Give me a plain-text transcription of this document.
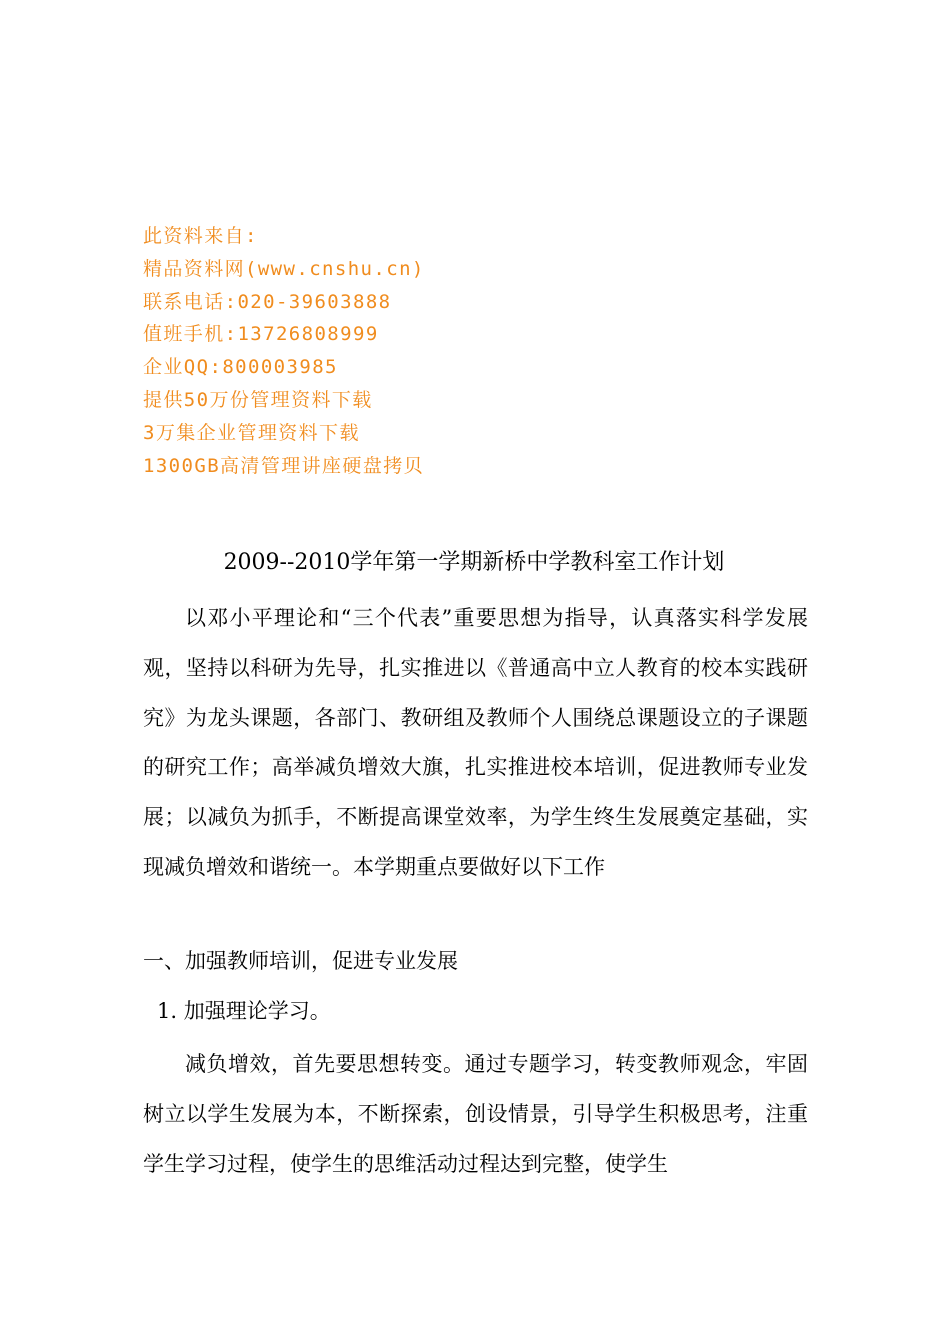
此资料来自:
精品资料网(www.cnshu.cn)
联系电话:020-39603888
值班手机:13726808999
企业QQ:800003985
提供50万份管理资料下载
3万集企业管理资料下载
1300GB高清管理讲座硬盘拷贝
2009--2010学年第一学期新桥中学教科室工作计划

以邓小平理论和“三个代表”重要思想为指导，认真落实科学发展观，坚持以科研为先导，扎实推进以《普通高中立人教育的校本实践研究》为龙头课题，各部门、教研组及教师个人围绕总课题设立的子课题的研究工作；高举减负增效大旗，扎实推进校本培训，促进教师专业发展；以减负为抓手，不断提高课堂效率，为学生终生发展奠定基础，实现减负增效和谐统一。本学期重点要做好以下工作

一、加强教师培训，促进专业发展
1. 加强理论学习。

减负增效，首先要思想转变。通过专题学习，转变教师观念，牢固树立以学生发展为本，不断探索，创设情景，引导学生积极思考，注重学生学习过程，使学生的思维活动过程达到完整，使学生
